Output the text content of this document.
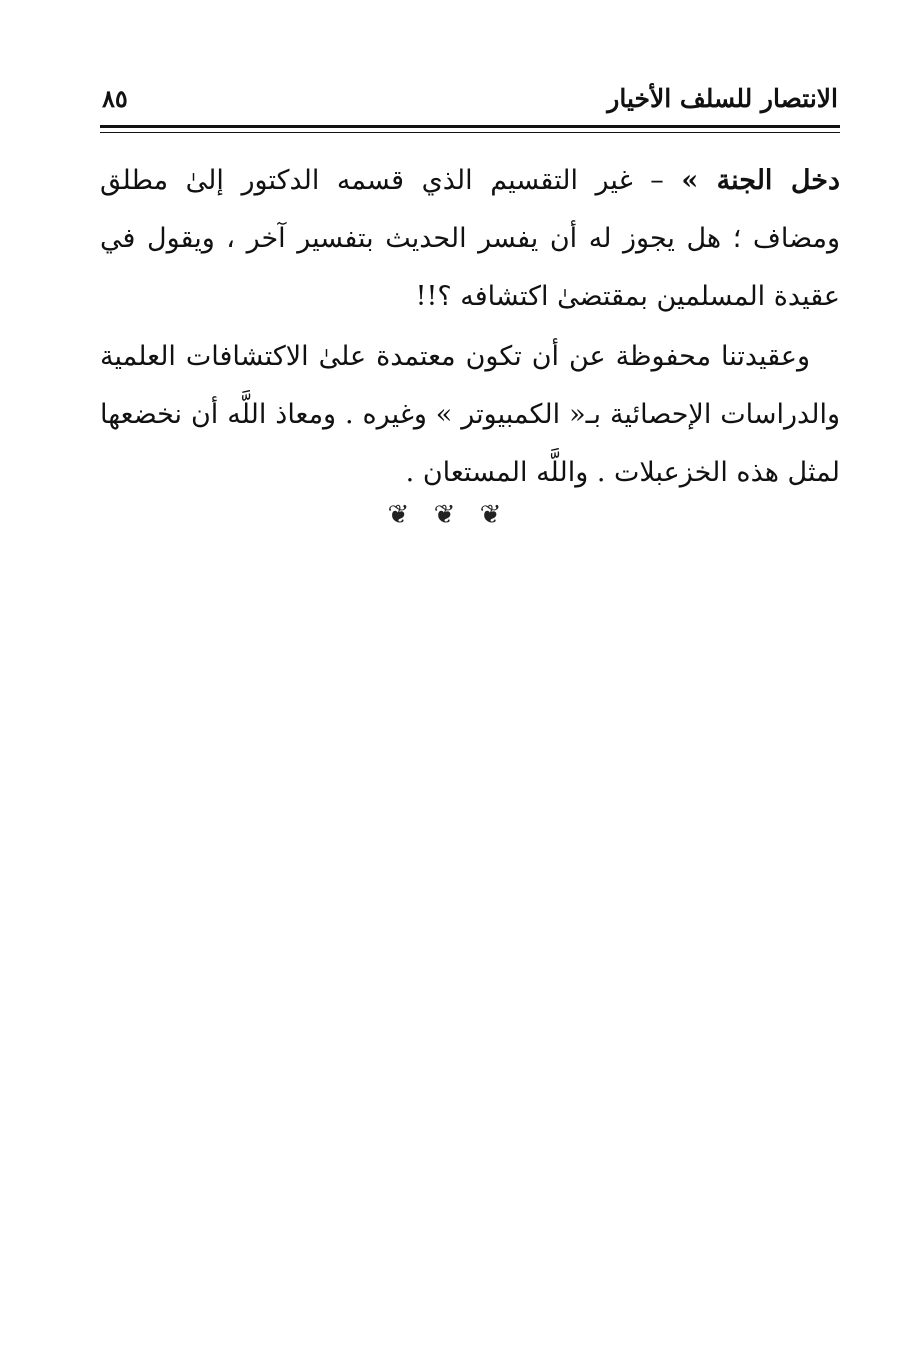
الانتصار للسلف الأخيار
٨٥

دخل الجنة » – غير التقسيم الذي قسمه الدكتور إلىٰ مطلق ومضاف ؛ هل يجوز له أن يفسر الحديث بتفسير آخر ، ويقول في عقيدة المسلمين بمقتضىٰ اكتشافه ؟!!

وعقيدتنا محفوظة عن أن تكون معتمدة علىٰ الاكتشافات العلمية والدراسات الإحصائية بـ« الكمبيوتر » وغيره . ومعاذ اللَّه أن نخضعها لمثل هذه الخزعبلات . واللَّه المستعان .

❦ ❦ ❦
